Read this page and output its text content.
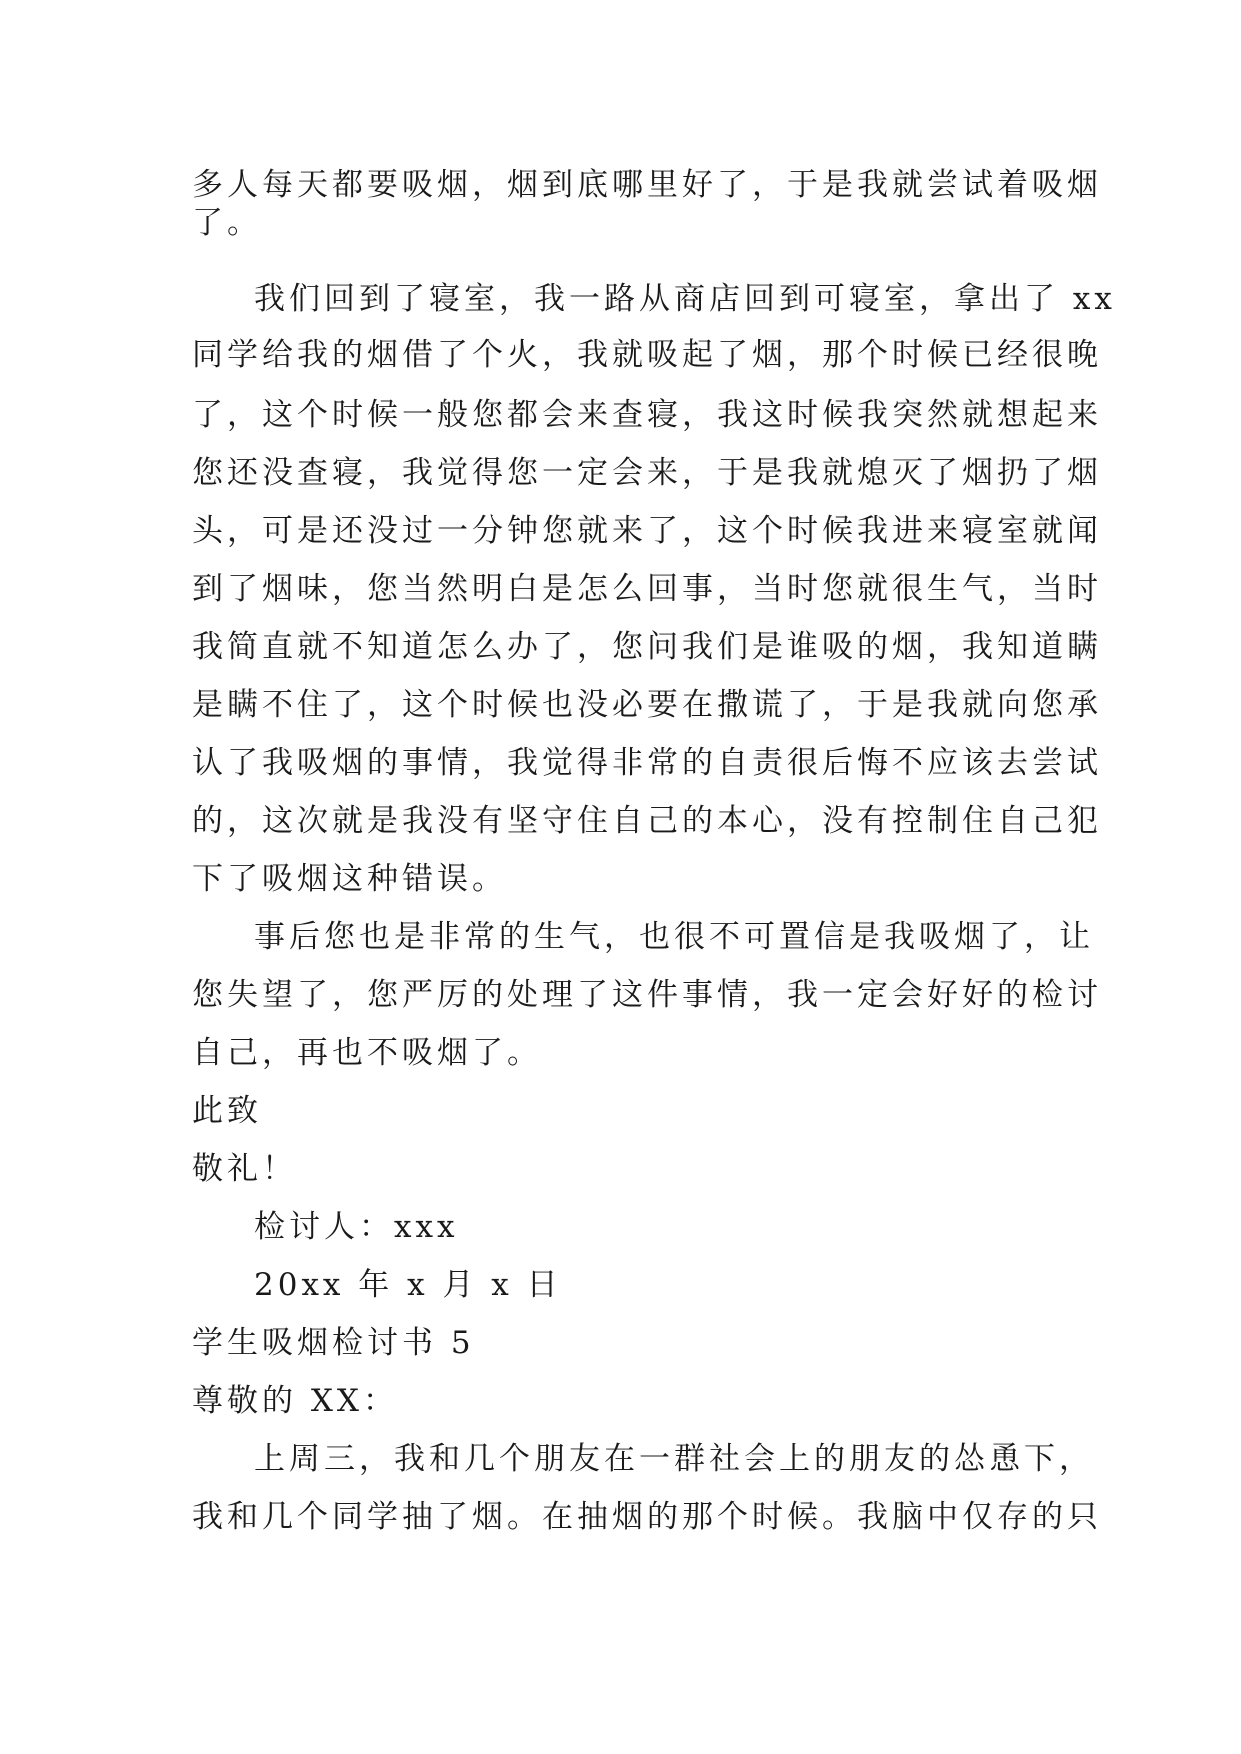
多人每天都要吸烟，烟到底哪里好了，于是我就尝试着吸烟

了。

我们回到了寝室，我一路从商店回到可寝室，拿出了 xx

同学给我的烟借了个火，我就吸起了烟，那个时候已经很晚

了，这个时候一般您都会来查寝，我这时候我突然就想起来

您还没查寝，我觉得您一定会来，于是我就熄灭了烟扔了烟

头，可是还没过一分钟您就来了，这个时候我进来寝室就闻

到了烟味，您当然明白是怎么回事，当时您就很生气，当时

我简直就不知道怎么办了，您问我们是谁吸的烟，我知道瞒

是瞒不住了，这个时候也没必要在撒谎了，于是我就向您承

认了我吸烟的事情，我觉得非常的自责很后悔不应该去尝试

的，这次就是我没有坚守住自己的本心，没有控制住自己犯

下了吸烟这种错误。

事后您也是非常的生气，也很不可置信是我吸烟了，让

您失望了，您严厉的处理了这件事情，我一定会好好的检讨

自己，再也不吸烟了。

此致

敬礼！

检讨人：xxx

20xx 年 x 月 x 日

学生吸烟检讨书 5

尊敬的 XX：

上周三，我和几个朋友在一群社会上的朋友的怂恿下，

我和几个同学抽了烟。在抽烟的那个时候。我脑中仅存的只
